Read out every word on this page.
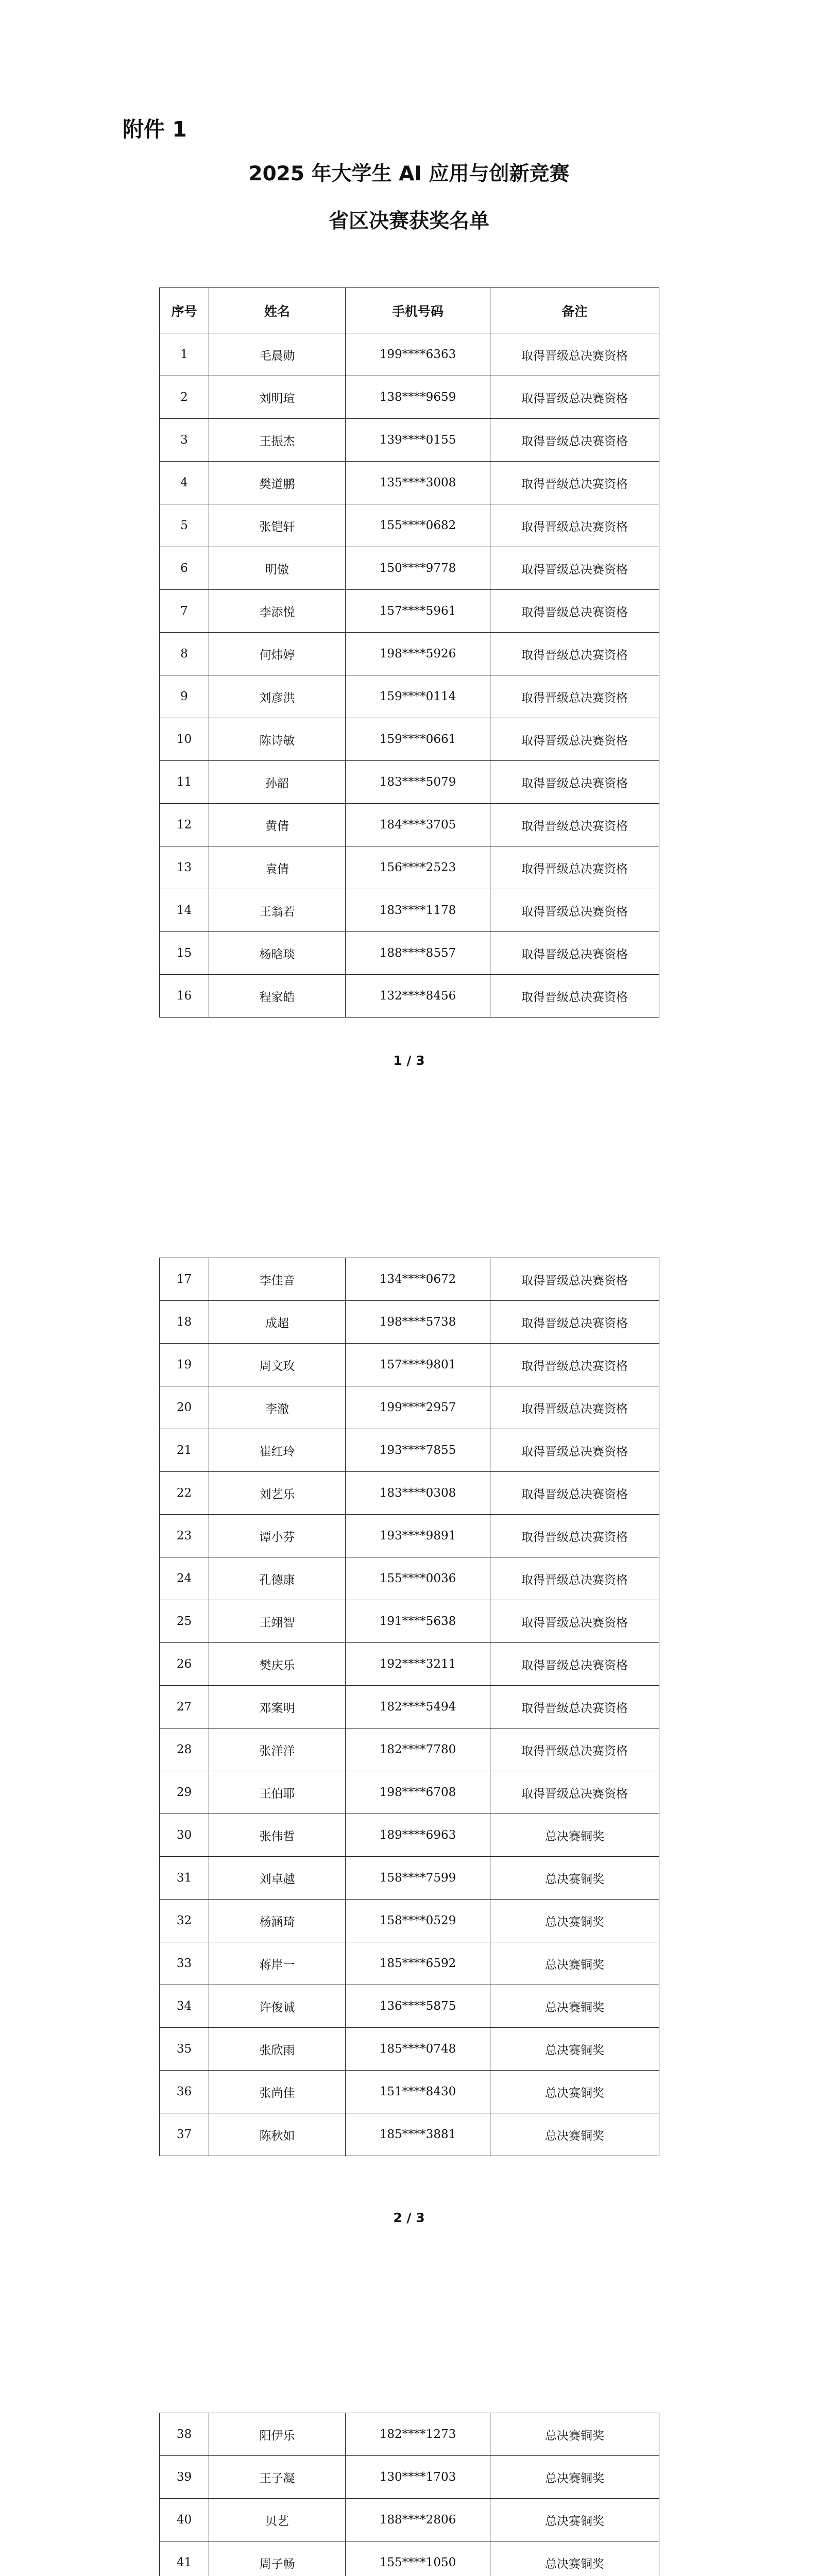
附件 1
2025 年大学生 AI 应用与创新竞赛
省区决赛获奖名单
序号	姓名	手机号码	备注
1	毛晨勋	199****6363	取得晋级总决赛资格
2	刘明瑄	138****9659	取得晋级总决赛资格
3	王振杰	139****0155	取得晋级总决赛资格
4	樊道鹏	135****3008	取得晋级总决赛资格
5	张铠轩	155****0682	取得晋级总决赛资格
6	明傲	150****9778	取得晋级总决赛资格
7	李添悦	157****5961	取得晋级总决赛资格
8	何炜婷	198****5926	取得晋级总决赛资格
9	刘彦洪	159****0114	取得晋级总决赛资格
10	陈诗敏	159****0661	取得晋级总决赛资格
11	孙韶	183****5079	取得晋级总决赛资格
12	黄倩	184****3705	取得晋级总决赛资格
13	袁倩	156****2523	取得晋级总决赛资格
14	王翁若	183****1178	取得晋级总决赛资格
15	杨晗琰	188****8557	取得晋级总决赛资格
16	程家皓	132****8456	取得晋级总决赛资格
1 / 3
17	李佳音	134****0672	取得晋级总决赛资格
18	成超	198****5738	取得晋级总决赛资格
19	周文玫	157****9801	取得晋级总决赛资格
20	李澈	199****2957	取得晋级总决赛资格
21	崔红玲	193****7855	取得晋级总决赛资格
22	刘艺乐	183****0308	取得晋级总决赛资格
23	谭小芬	193****9891	取得晋级总决赛资格
24	孔德康	155****0036	取得晋级总决赛资格
25	王翊智	191****5638	取得晋级总决赛资格
26	樊庆乐	192****3211	取得晋级总决赛资格
27	邓案明	182****5494	取得晋级总决赛资格
28	张洋洋	182****7780	取得晋级总决赛资格
29	王伯耶	198****6708	取得晋级总决赛资格
30	张伟哲	189****6963	总决赛铜奖
31	刘卓越	158****7599	总决赛铜奖
32	杨涵琦	158****0529	总决赛铜奖
33	蒋岸一	185****6592	总决赛铜奖
34	许俊诚	136****5875	总决赛铜奖
35	张欣雨	185****0748	总决赛铜奖
36	张尚佳	151****8430	总决赛铜奖
37	陈秋如	185****3881	总决赛铜奖
2 / 3
38	阳伊乐	182****1273	总决赛铜奖
39	王子凝	130****1703	总决赛铜奖
40	贝艺	188****2806	总决赛铜奖
41	周子畅	155****1050	总决赛铜奖
